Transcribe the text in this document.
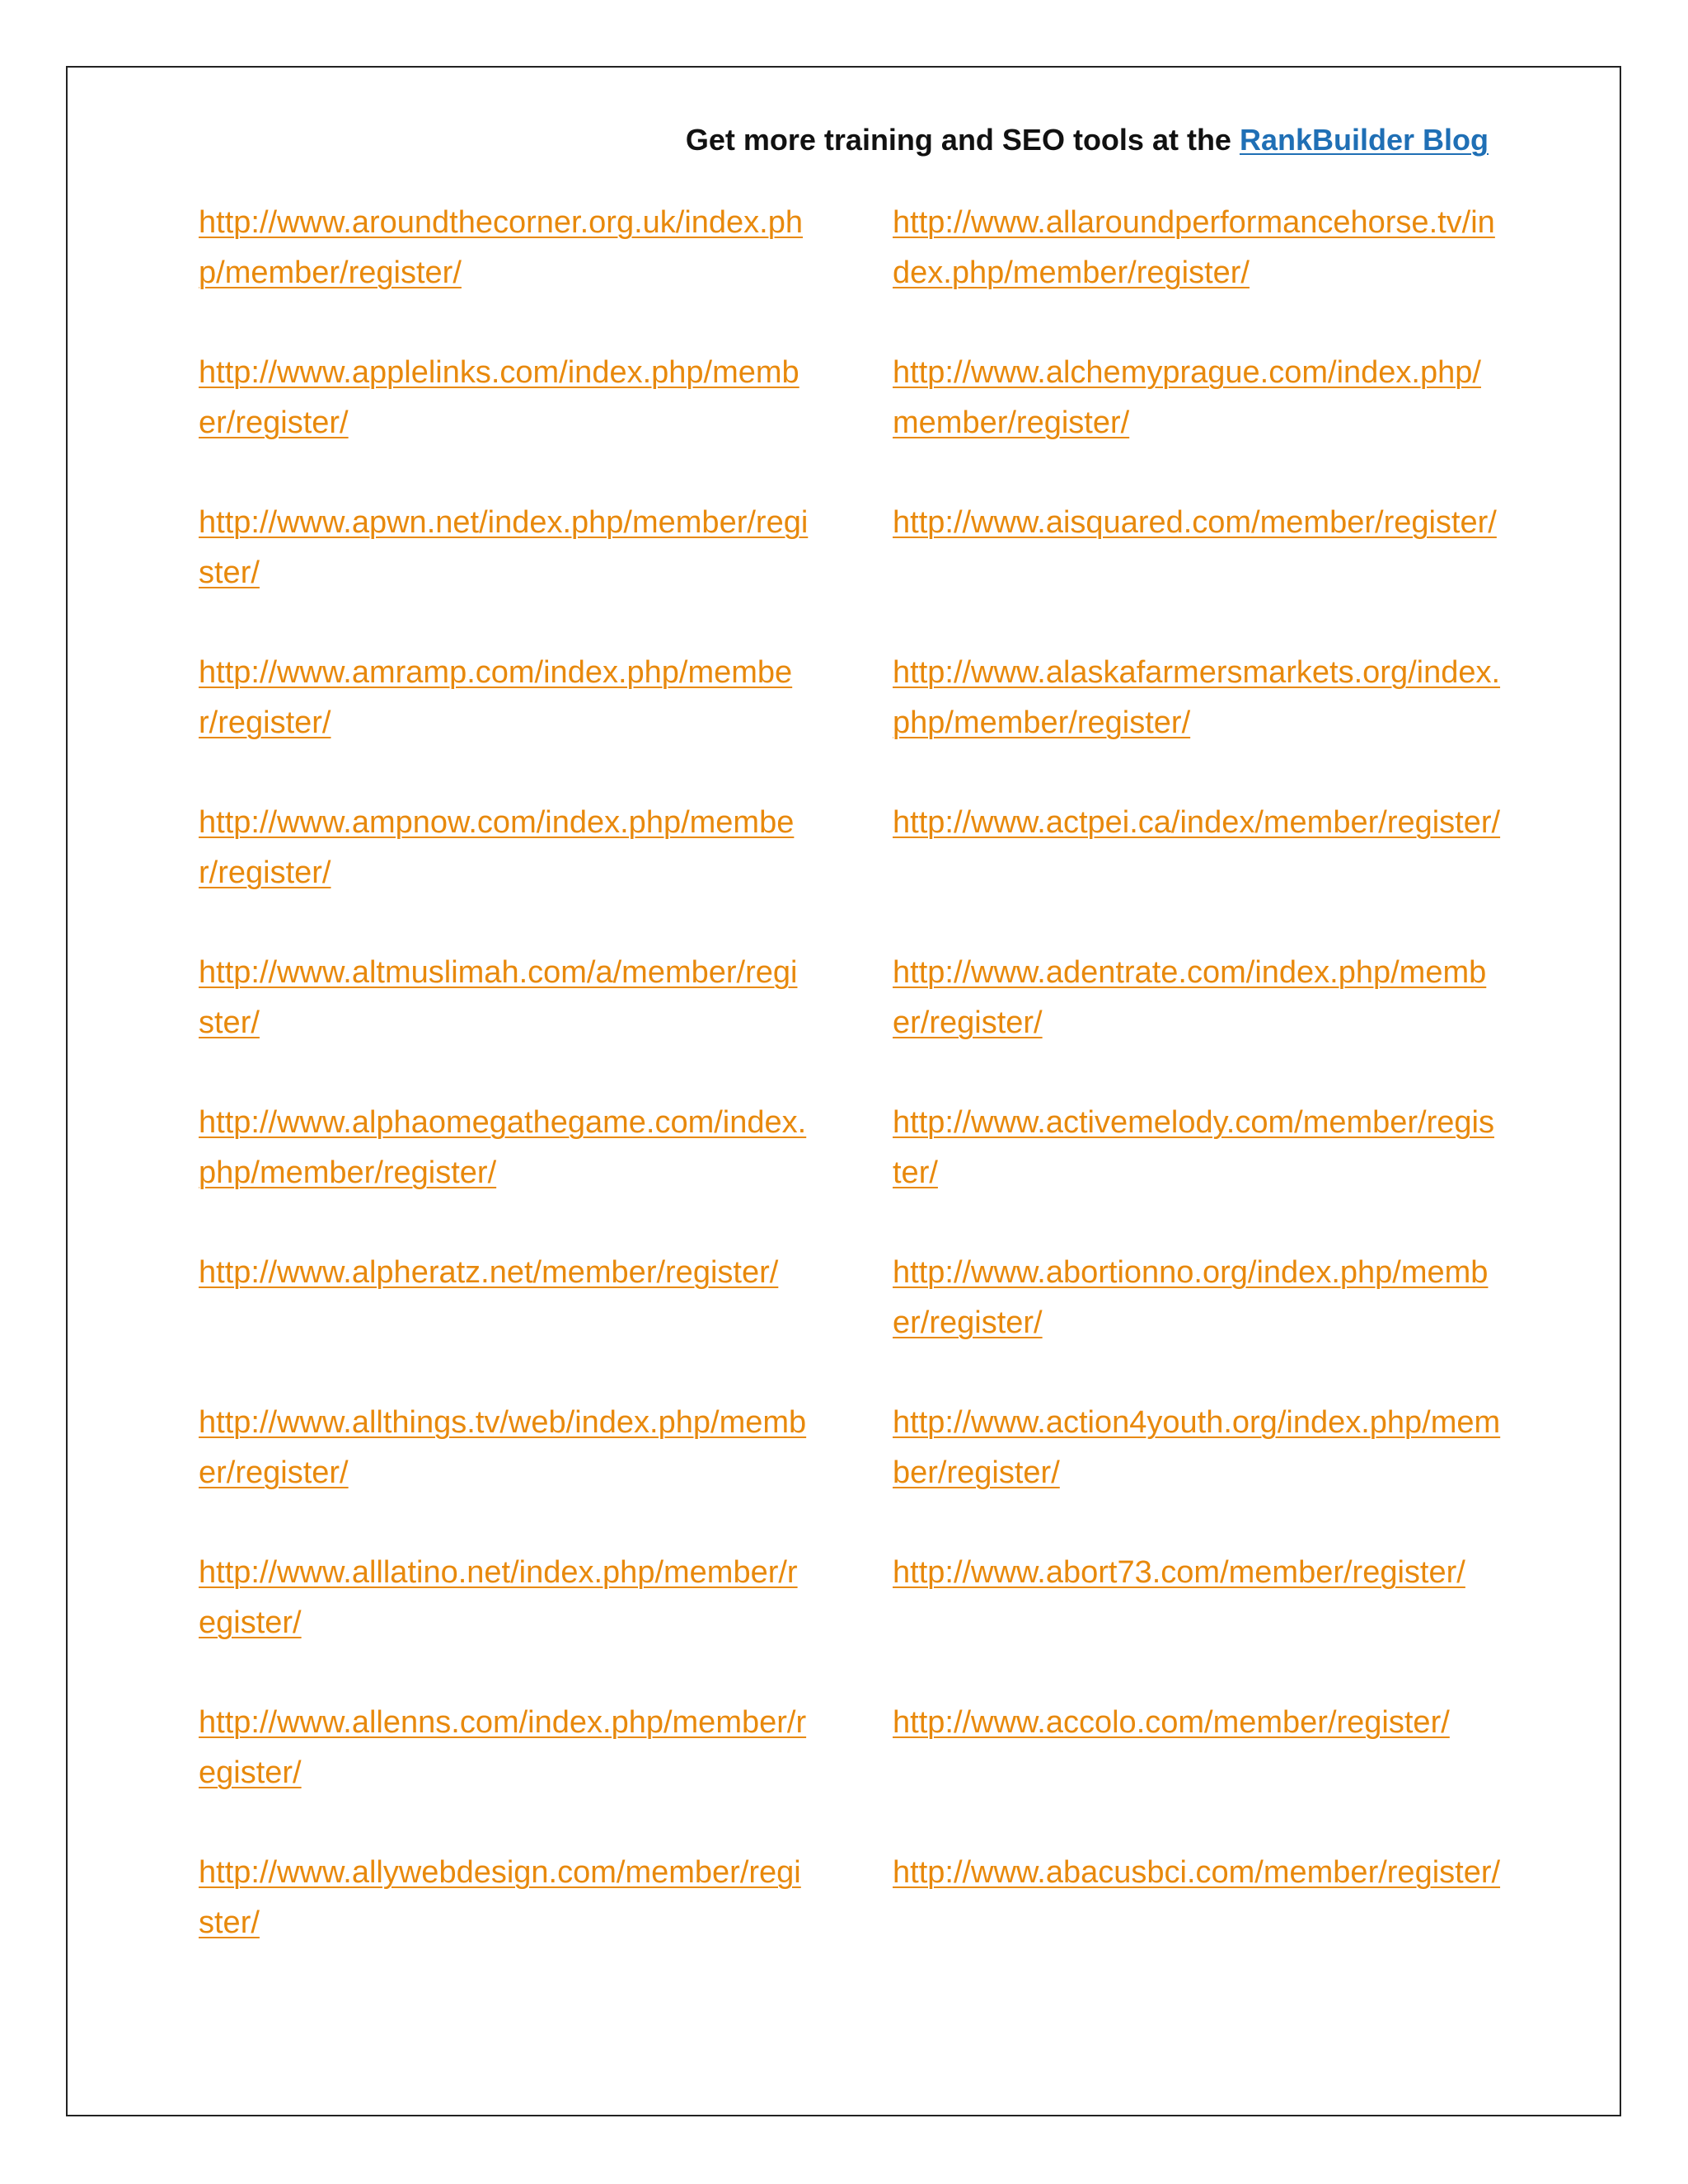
Get more training and SEO tools at the RankBuilder Blog
http://www.aroundthecorner.org.uk/index.php/member/register/
http://www.applelinks.com/index.php/member/register/
http://www.apwn.net/index.php/member/register/
http://www.amramp.com/index.php/member/register/
http://www.ampnow.com/index.php/member/register/
http://www.altmuslimah.com/a/member/register/
http://www.alphaomegathegame.com/index.php/member/register/
http://www.alpheratz.net/member/register/
http://www.allthings.tv/web/index.php/member/register/
http://www.alllatino.net/index.php/member/register/
http://www.allenns.com/index.php/member/register/
http://www.allywebdesign.com/member/register/
http://www.allaroundperformancehorse.tv/index.php/member/register/
http://www.alchemyprague.com/index.php/member/register/
http://www.aisquared.com/member/register/
http://www.alaskafarmersmarkets.org/index.php/member/register/
http://www.actpei.ca/index/member/register/
http://www.adentrate.com/index.php/member/register/
http://www.activemelody.com/member/register/
http://www.abortionno.org/index.php/member/register/
http://www.action4youth.org/index.php/member/register/
http://www.abort73.com/member/register/
http://www.accolo.com/member/register/
http://www.abacusbci.com/member/register/
